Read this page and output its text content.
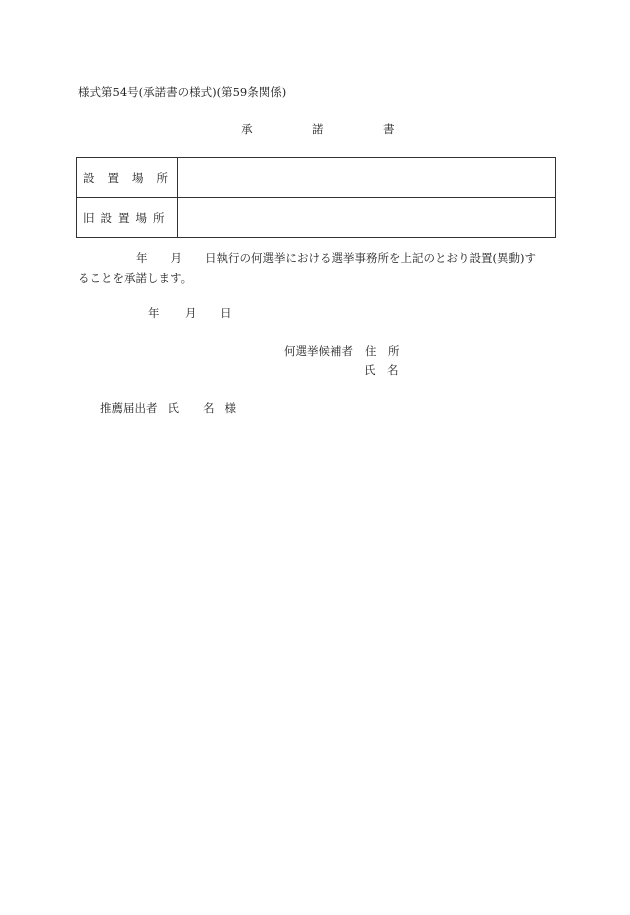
様式第54号(承諾書の様式)(第59条関係)
承	諾	書
設 置 場 所	
旧 設 置 場 所	
年　　月　　日執行の何選挙における選挙事務所を上記のとおり設置(異動)す
ることを承諾します。
年 月 日
何選挙候補者 住　所
氏　名
推薦届出者 氏 名 様
